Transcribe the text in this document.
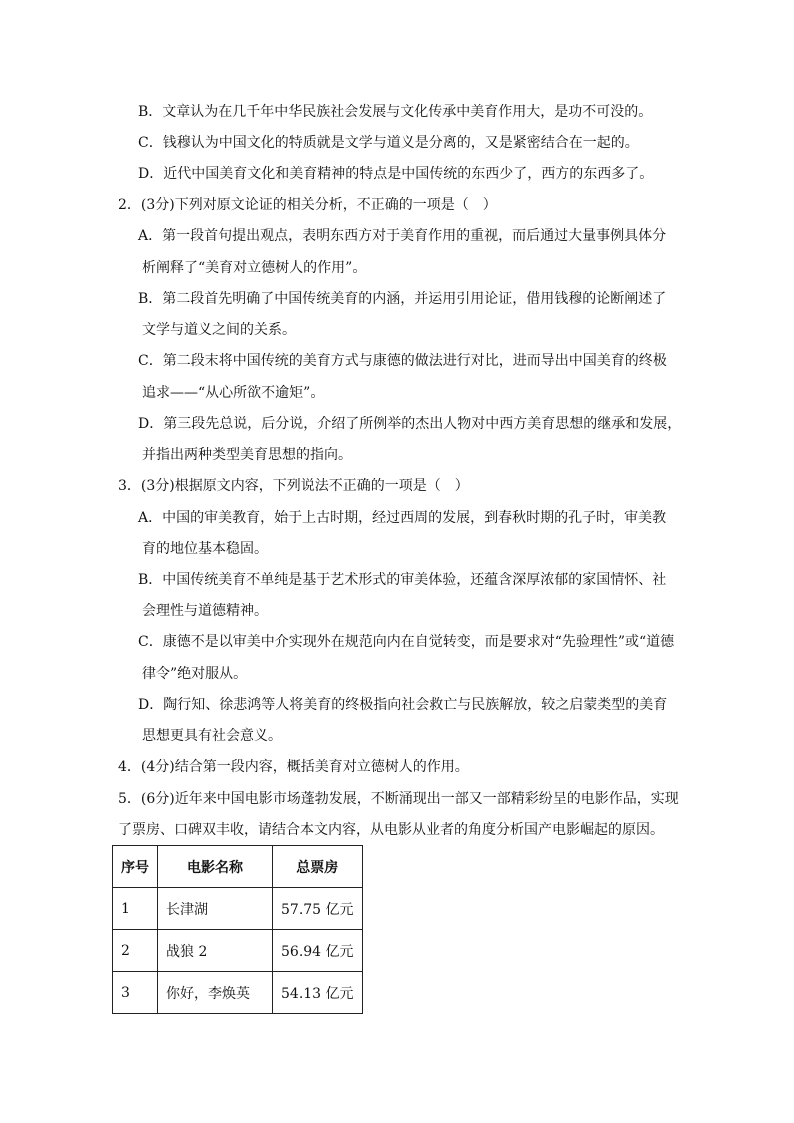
B．文章认为在几千年中华民族社会发展与文化传承中美育作用大，是功不可没的。
C．钱穆认为中国文化的特质就是文学与道义是分离的，又是紧密结合在一起的。
D．近代中国美育文化和美育精神的特点是中国传统的东西少了，西方的东西多了。
2．(3分)下列对原文论证的相关分析，不正确的一项是（　）
A．第一段首句提出观点，表明东西方对于美育作用的重视，而后通过大量事例具体分
析阐释了“美育对立德树人的作用”。
B．第二段首先明确了中国传统美育的内涵，并运用引用论证，借用钱穆的论断阐述了
文学与道义之间的关系。
C．第二段末将中国传统的美育方式与康德的做法进行对比，进而导出中国美育的终极
追求——“从心所欲不逾矩”。
D．第三段先总说，后分说，介绍了所例举的杰出人物对中西方美育思想的继承和发展，
并指出两种类型美育思想的指向。
3．(3分)根据原文内容，下列说法不正确的一项是（　）
A．中国的审美教育，始于上古时期，经过西周的发展，到春秋时期的孔子时，审美教
育的地位基本稳固。
B．中国传统美育不单纯是基于艺术形式的审美体验，还蕴含深厚浓郁的家国情怀、社
会理性与道德精神。
C．康德不是以审美中介实现外在规范向内在自觉转变，而是要求对“先验理性”或“道德
律令”绝对服从。
D．陶行知、徐悲鸿等人将美育的终极指向社会救亡与民族解放，较之启蒙类型的美育
思想更具有社会意义。
4．(4分)结合第一段内容，概括美育对立德树人的作用。
5．(6分)近年来中国电影市场蓬勃发展，不断涌现出一部又一部精彩纷呈的电影作品，实现
了票房、口碑双丰收，请结合本文内容，从电影从业者的角度分析国产电影崛起的原因。
序号	电影名称	总票房
1	长津湖	57.75 亿元
2	战狼 2	56.94 亿元
3	你好，李焕英	54.13 亿元
